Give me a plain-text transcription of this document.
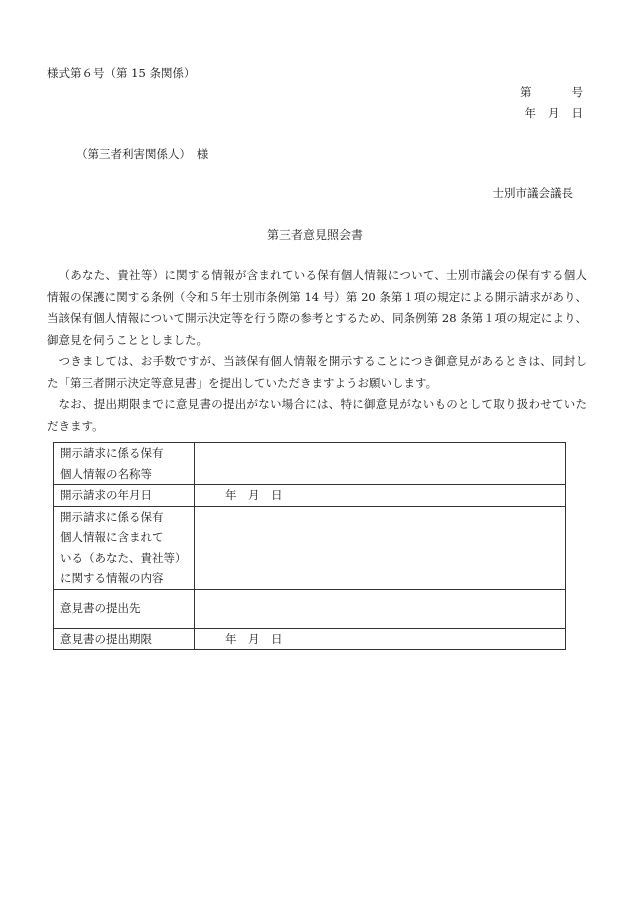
様式第６号（第 15 条関係）
第	号
年 月 日
（第三者利害関係人）　様
士別市議会議長
第三者意見照会書

（あなた、貴社等）に関する情報が含まれている保有個人情報について、士別市議会の保有する個人情報の保護に関する条例（令和５年士別市条例第 14 号）第 20 条第１項の規定による開示請求があり、当該保有個人情報について開示決定等を行う際の参考とするため、同条例第 28 条第１項の規定により、御意見を伺うこととしました。

つきましては、お手数ですが、当該保有個人情報を開示することにつき御意見があるときは、同封した「第三者開示決定等意見書」を提出していただきますようお願いします。

なお、提出期限までに意見書の提出がない場合には、特に御意見がないものとして取り扱わせていただきます。

開示請求に係る保有
個人情報の名称等	

開示請求の年月日	年　月　日

開示請求に係る保有
個人情報に含まれて
いる（あなた、貴社等）
に関する情報の内容	

意見書の提出先	

意見書の提出期限	年　月　日
